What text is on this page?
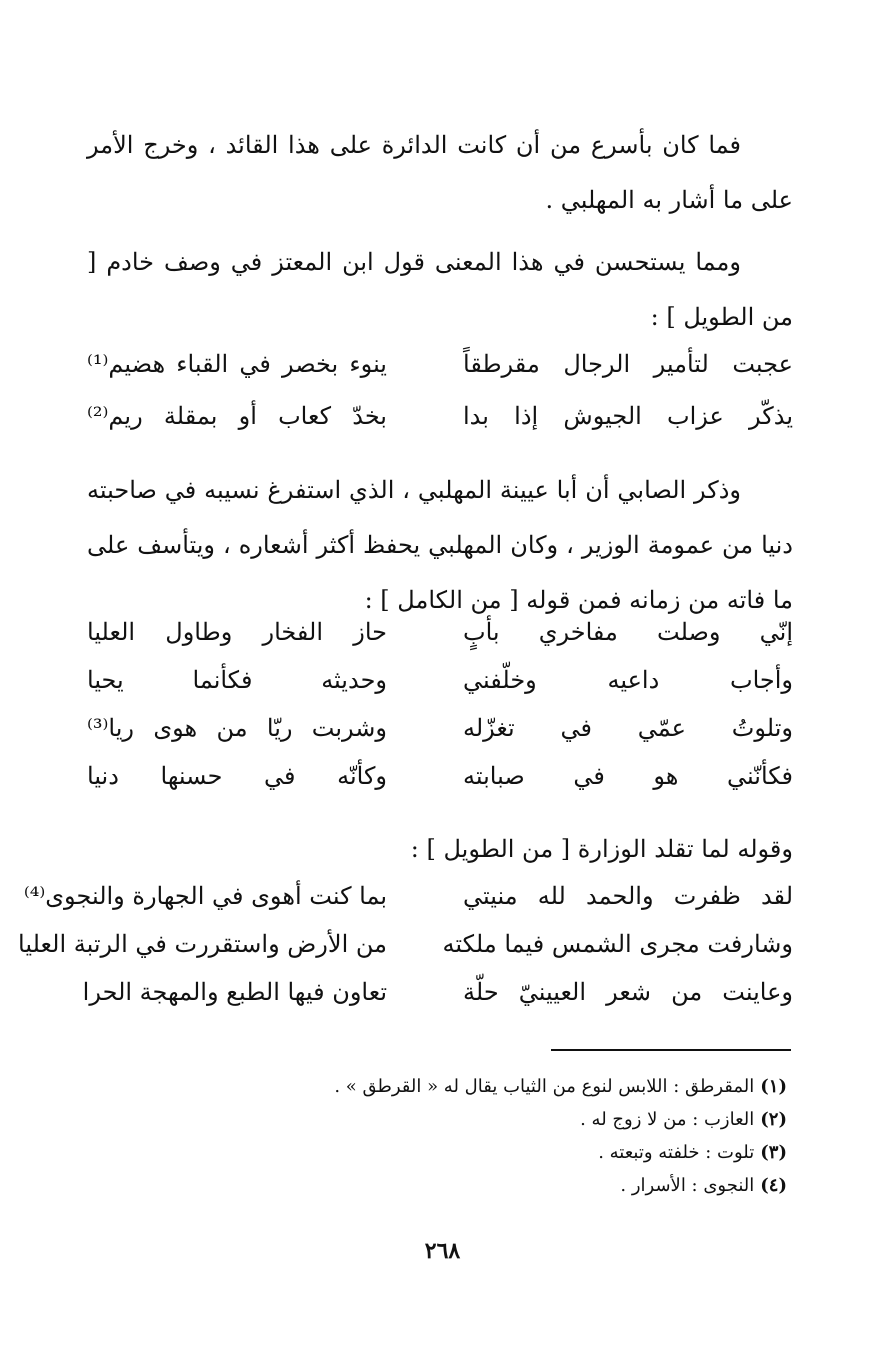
فما كان بأسرع من أن كانت الدائرة على هذا القائد ، وخرج الأمر على ما أشار به المهلبي .

ومما يستحسن في هذا المعنى قول ابن المعتز في وصف خادم [ من الطويل ] :

عجبت لتأمير الرجال مقرطقاً
ينوء بخصر في القباء هضيم⁽¹⁾
يذكّر عزاب الجيوش إذا بدا
بخدّ كعاب أو بمقلة ريم⁽²⁾

وذكر الصابي أن أبا عيينة المهلبي ، الذي استفرغ نسيبه في صاحبته دنيا من عمومة الوزير ، وكان المهلبي يحفظ أكثر أشعاره ، ويتأسف على ما فاته من زمانه فمن قوله [ من الكامل ] :

إنّي وصلت مفاخري بأبٍ
حاز الفخار وطاول العليا
وأجاب داعيه وخلّفني
وحديثه فكأنما يحيا
وتلوتُ عمّي في تغزّله
وشربت ريّا من هوى ريا⁽³⁾
فكأنّني هو في صبابته
وكأنّه في حسنها دنيا

وقوله لما تقلد الوزارة [ من الطويل ] :

لقد ظفرت والحمد لله منيتي
بما كنت أهوى في الجهارة والنجوى⁽⁴⁾
وشارفت مجرى الشمس فيما ملكته
من الأرض واستقررت في الرتبة العليا
وعاينت من شعر العيينيّ حلّة
تعاون فيها الطبع والمهجة الحرا
(١)المقرطق : اللابس لنوع من الثياب يقال له « القرطق » .
(٢)العازب : من لا زوج له .
(٣)تلوت : خلفته وتبعته .
(٤)النجوى : الأسرار .
٢٦٨
